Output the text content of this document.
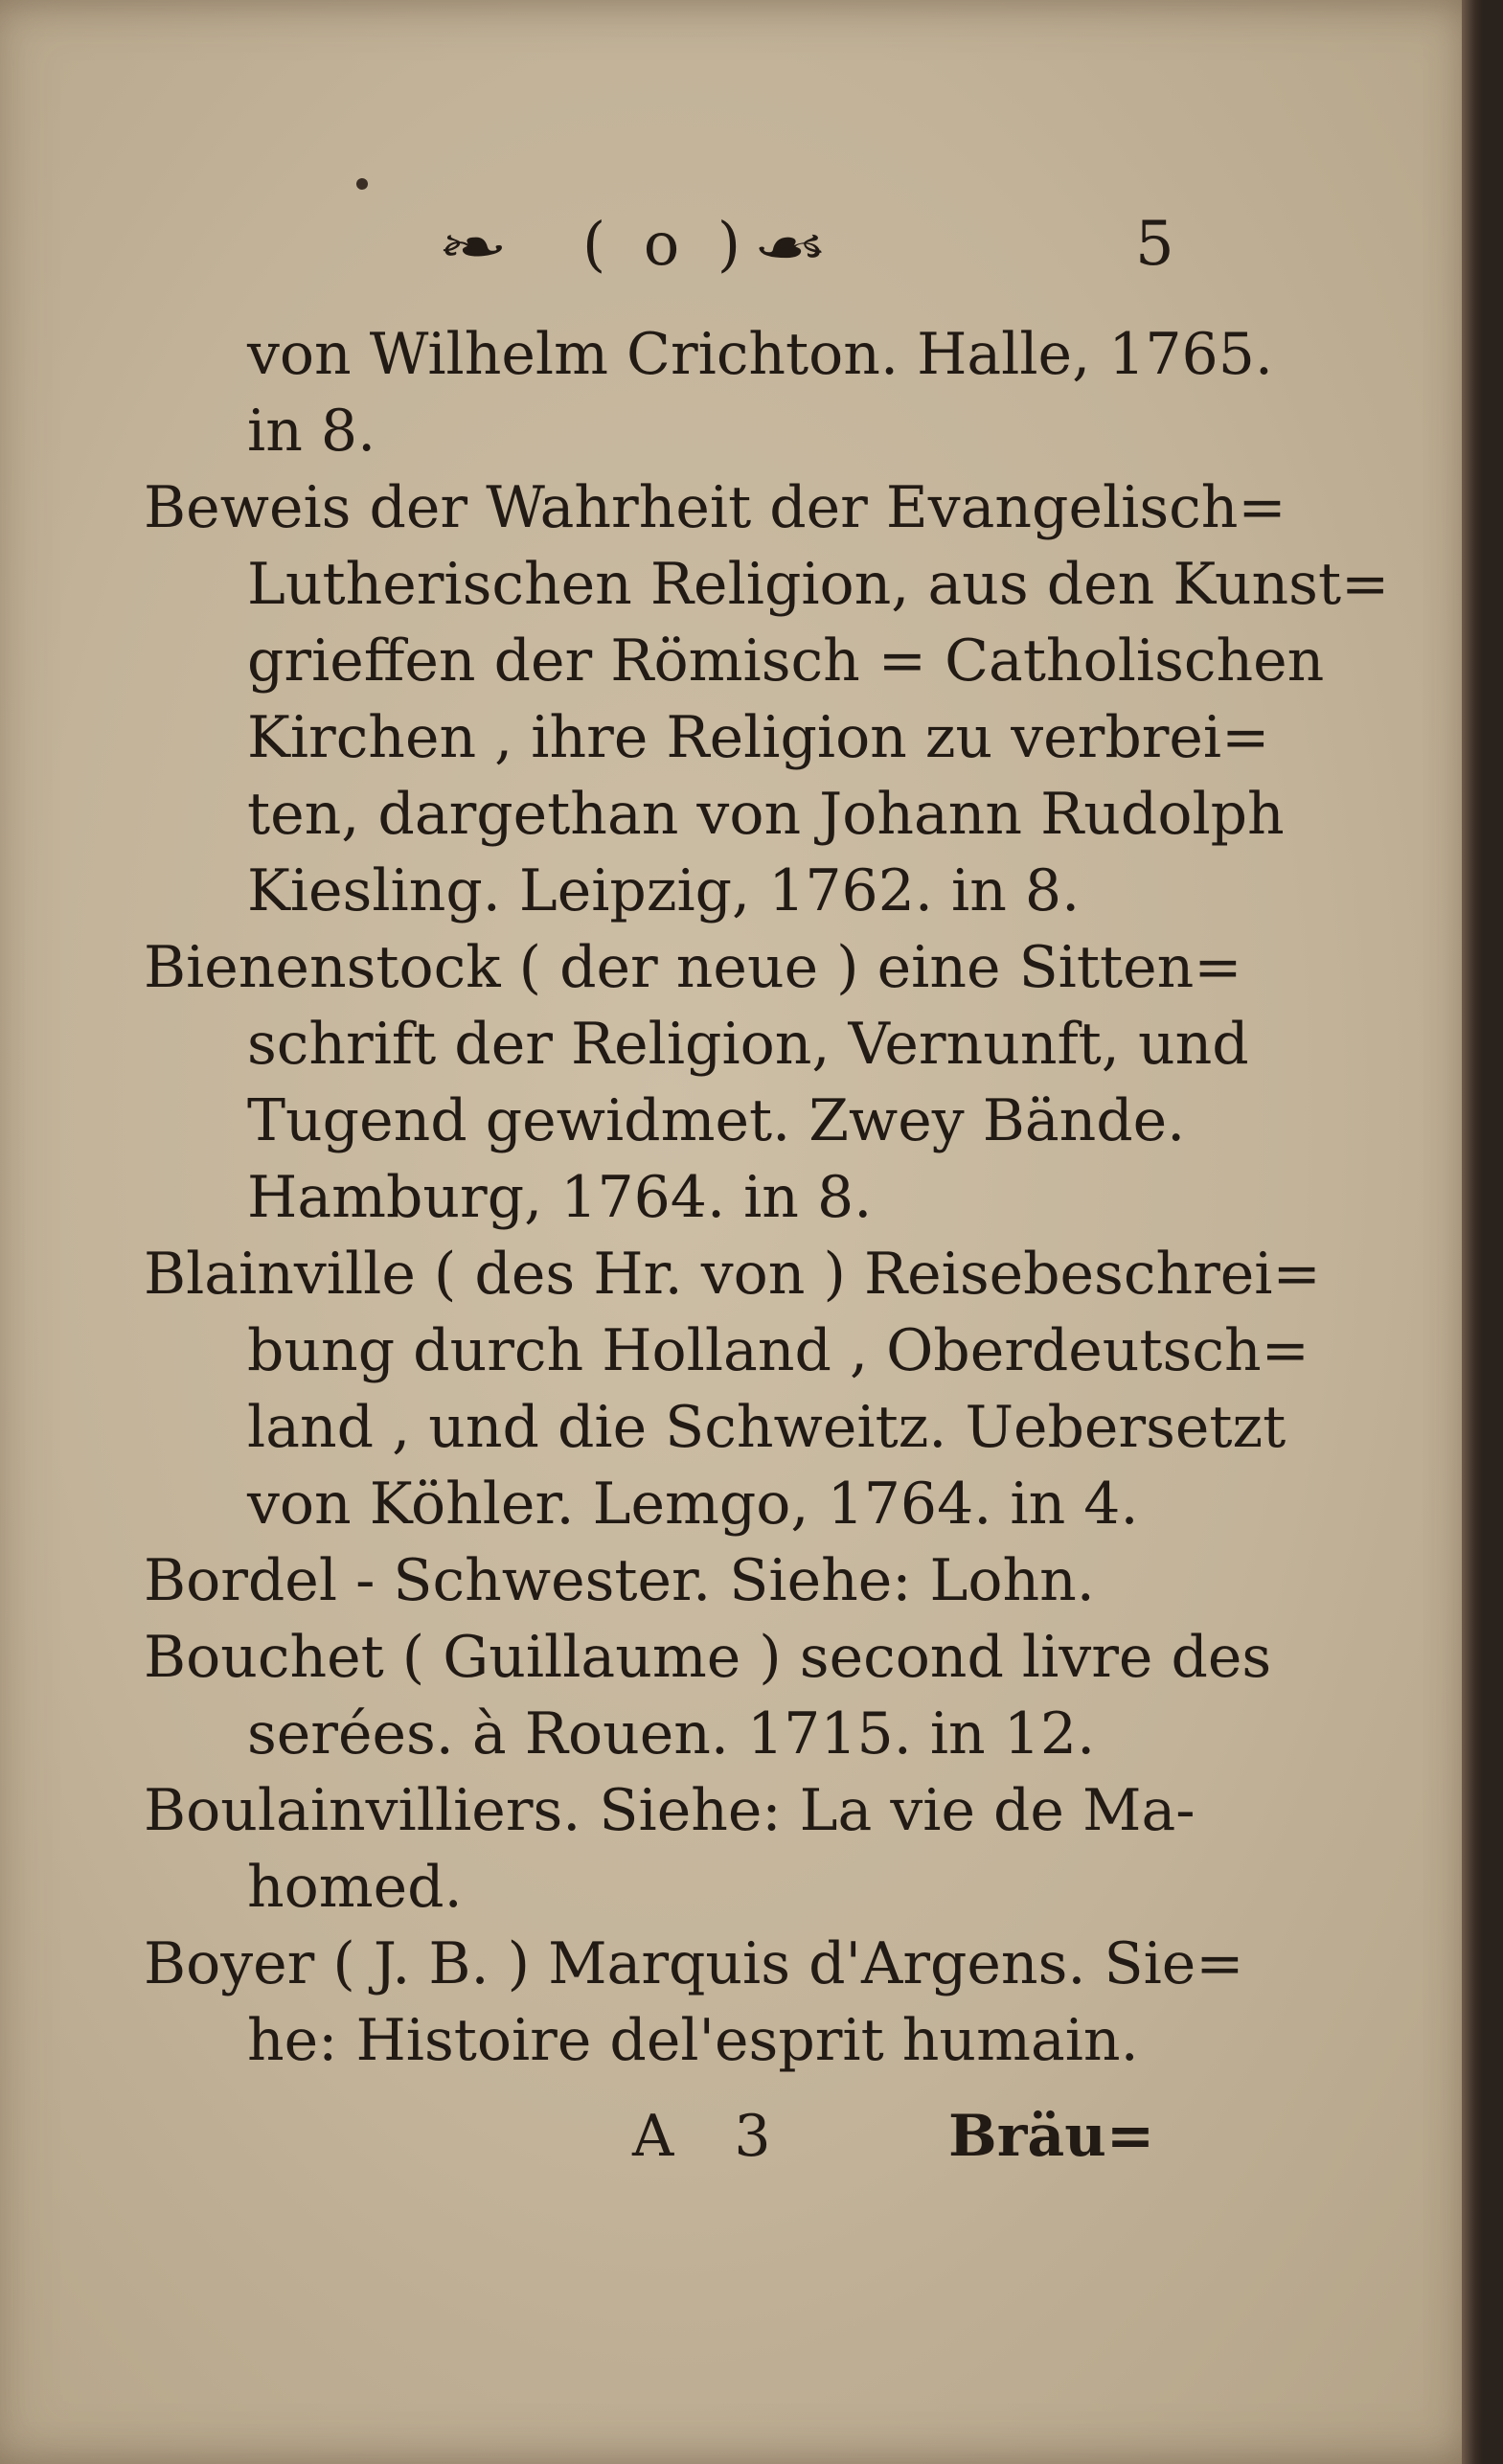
❧ ( o ) ☙	5
von Wilhelm Crichton. Halle, 1765.
in 8.
Beweis der Wahrheit der Evangelisch=
Lutherischen Religion, aus den Kunst=
grieffen der Römisch = Catholischen
Kirchen , ihre Religion zu verbrei=
ten, dargethan von Johann Rudolph
Kiesling. Leipzig, 1762. in 8.
Bienenstock ( der neue ) eine Sitten=
schrift der Religion, Vernunft, und
Tugend gewidmet. Zwey Bände.
Hamburg, 1764. in 8.
Blainville ( des Hr. von ) Reisebeschrei=
bung durch Holland , Oberdeutsch=
land , und die Schweitz. Uebersetzt
von Köhler. Lemgo, 1764. in 4.
Bordel - Schwester. Siehe: Lohn.
Bouchet ( Guillaume ) second livre des
serées. à Rouen. 1715. in 12.
Boulainvilliers. Siehe: La vie de Ma-
homed.
Boyer ( J. B. ) Marquis d'Argens. Sie=
he: Histoire del'esprit humain.
A 3	Bräu=
